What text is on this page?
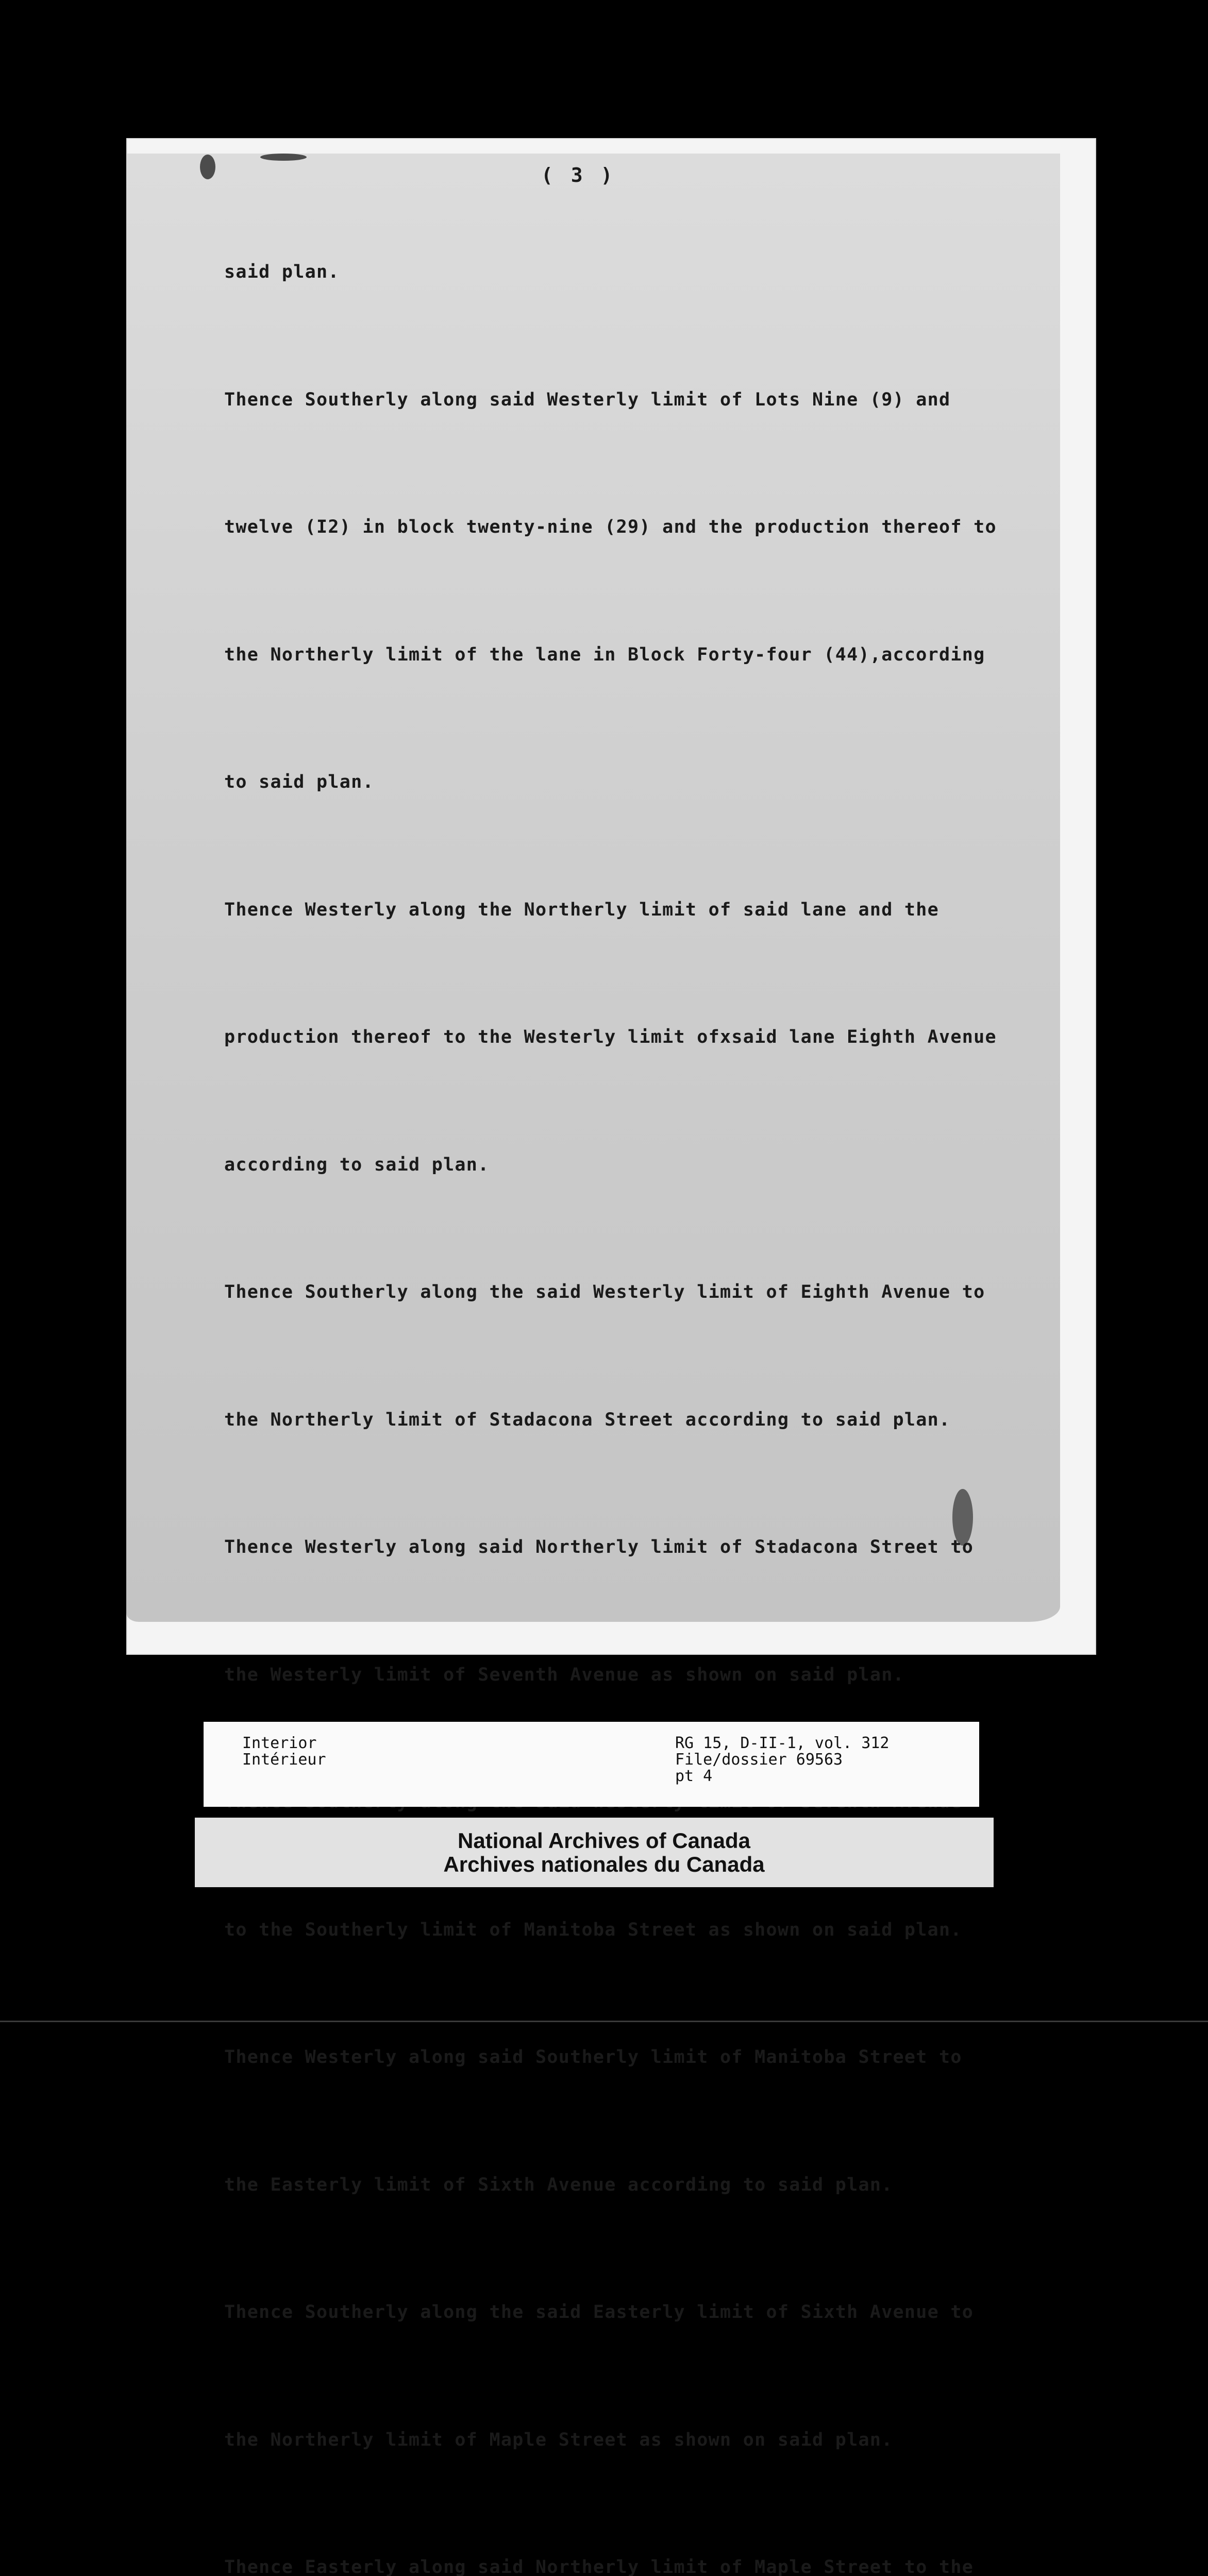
( 3 )

said plan.

Thence Southerly along said Westerly limit of Lots Nine (9) and

twelve (I2) in block twenty-nine (29) and the production thereof to

the Northerly limit of the lane in Block Forty-four (44),according

to said plan.

Thence Westerly along the Northerly limit of said lane and the

production thereof to the Westerly limit ofxsaid lane Eighth Avenue

according to said plan.

Thence Southerly along the said Westerly limit of Eighth Avenue to

the Northerly limit of Stadacona Street according to said plan.

Thence Westerly along said Northerly limit of Stadacona Street to

the Westerly limit of Seventh Avenue as shown on said plan.

to the Southerly limit of Manitoba Street as shown on said plan.

Thence Westerly along said Southerly limit of Manitoba Street to

the Easterly limit of Sixth Avenue according to said plan.

Thence Southerly along the said Easterly limit of Sixth Avenue to

the Northerly limit of Maple Street as shown on said plan.

Thence Easterly along said Northerly limit of Maple Street to the

Interior
Intérieur
RG 15, D-II-1, vol. 312
File/dossier 69563
pt 4
National Archives of Canada
Archives nationales du Canada
